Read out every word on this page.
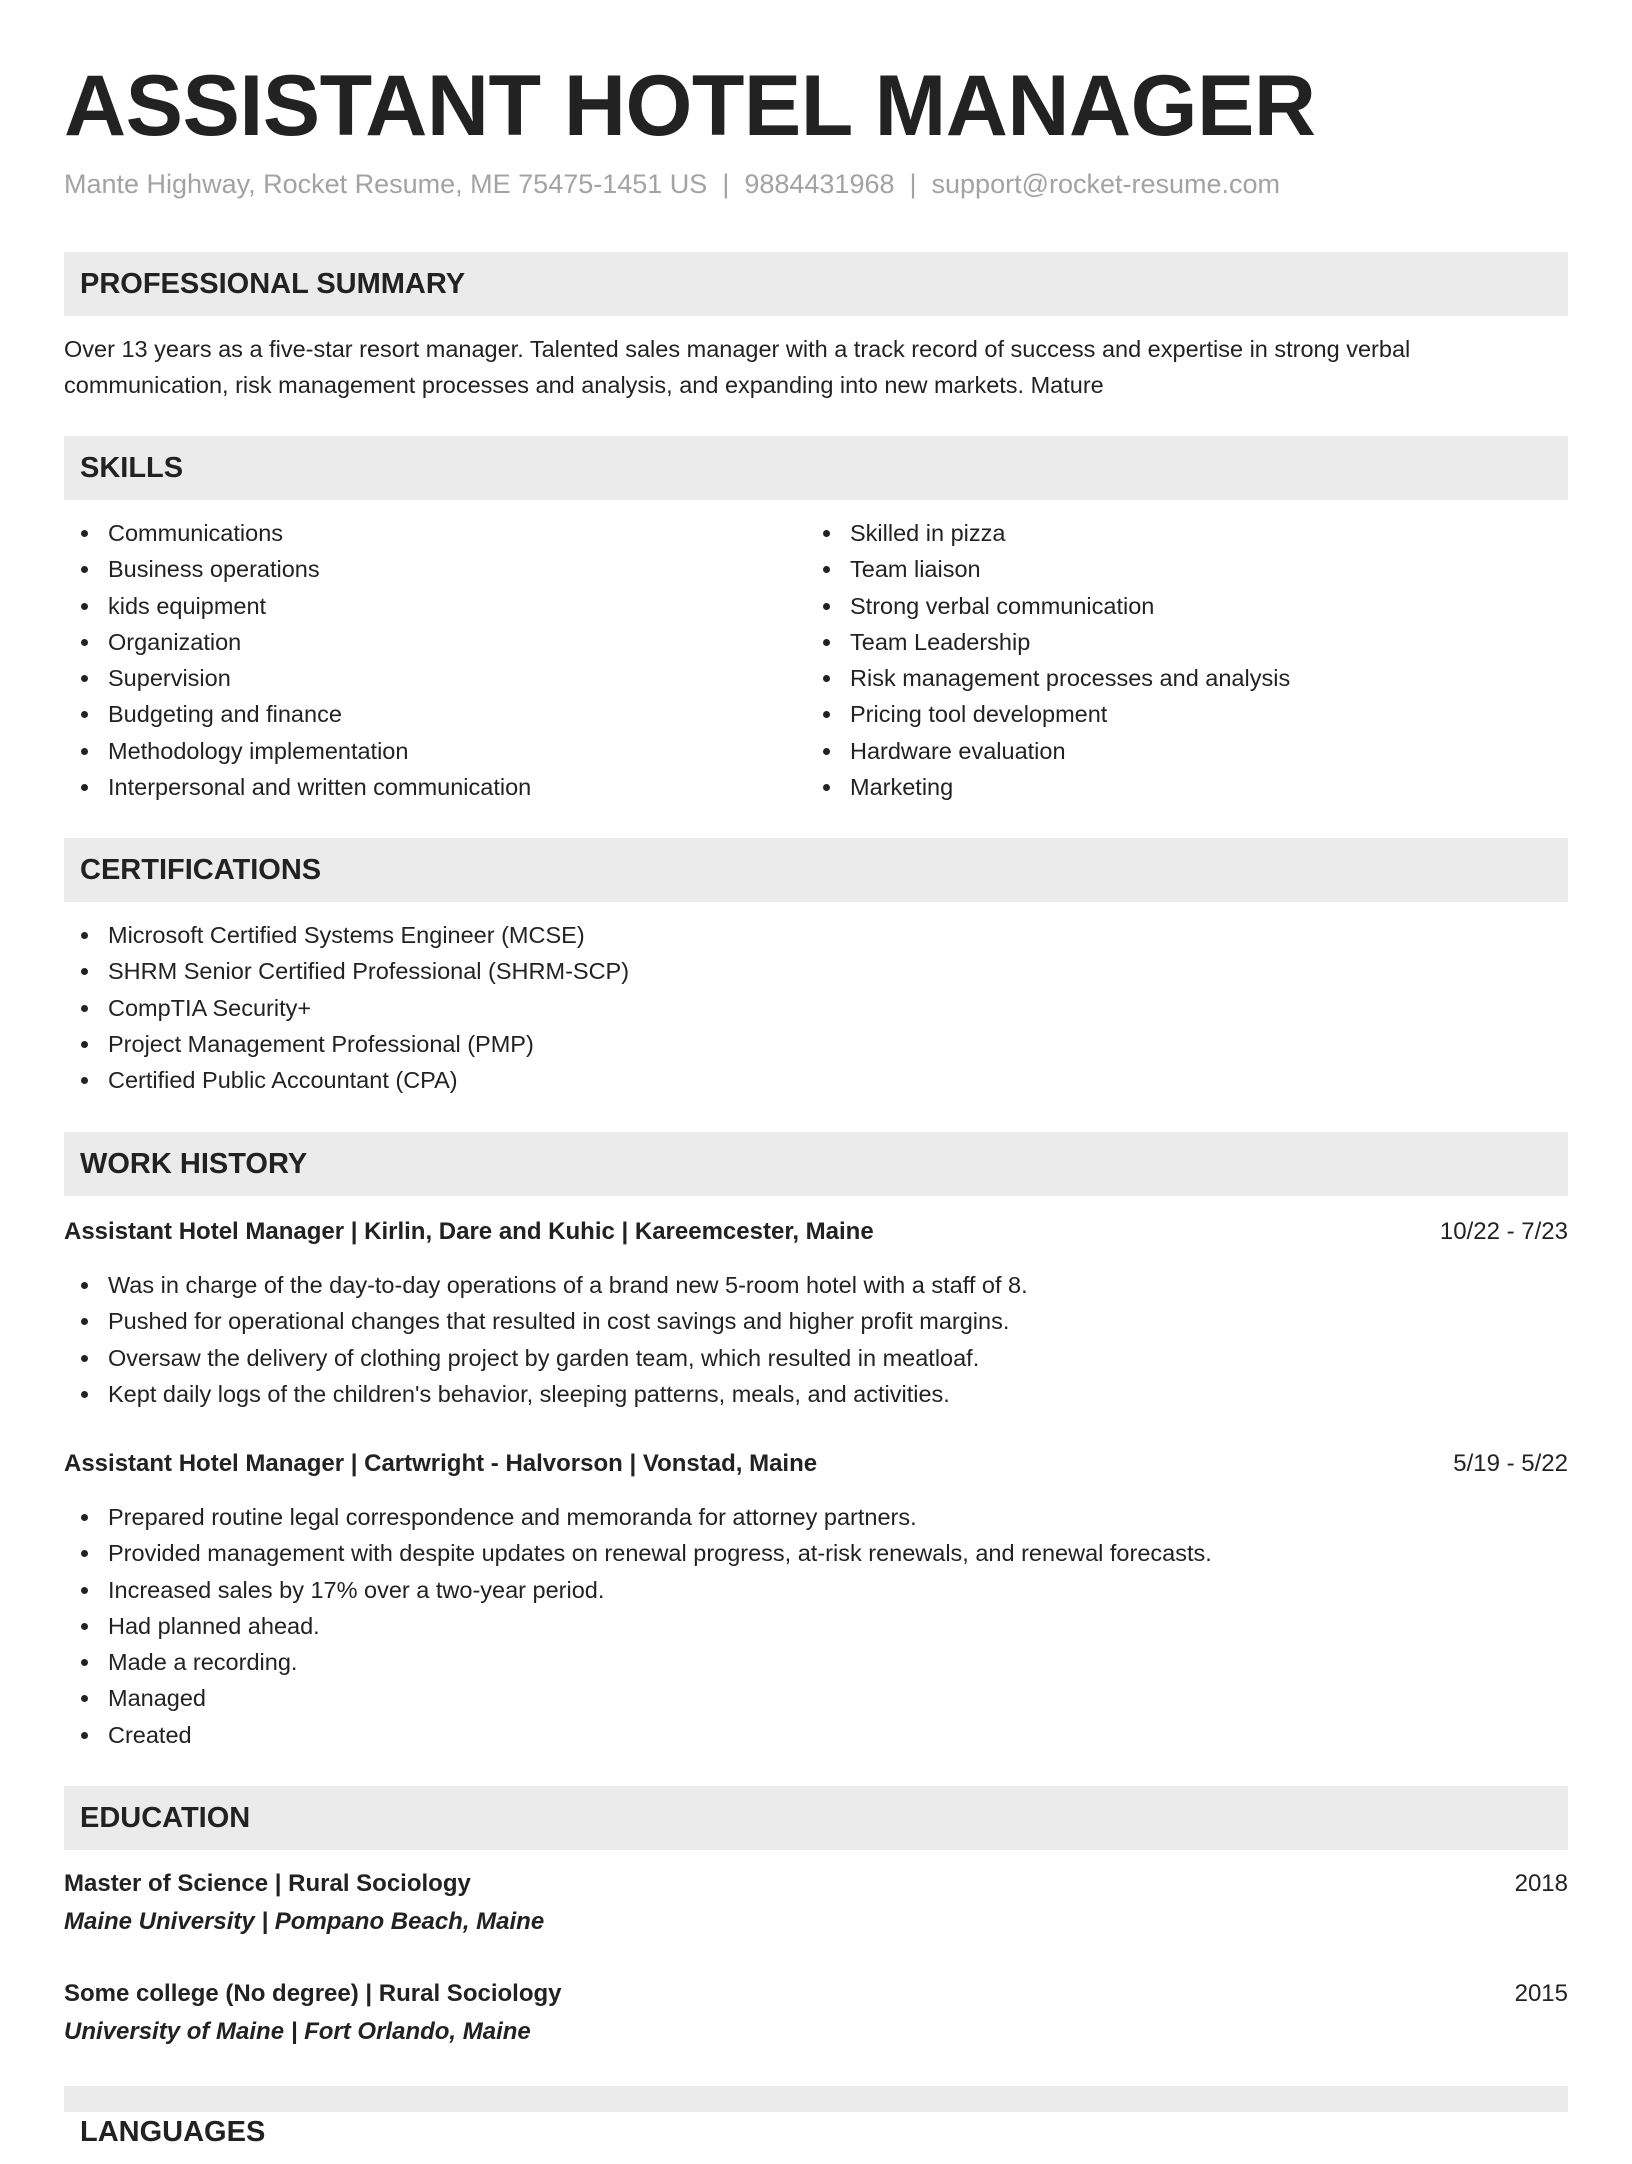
ASSISTANT HOTEL MANAGER
Mante Highway, Rocket Resume, ME 75475-1451 US | 9884431968 | support@rocket-resume.com
PROFESSIONAL SUMMARY
Over 13 years as a five-star resort manager. Talented sales manager with a track record of success and expertise in strong verbal communication, risk management processes and analysis, and expanding into new markets. Mature
SKILLS
Communications
Business operations
kids equipment
Organization
Supervision
Budgeting and finance
Methodology implementation
Interpersonal and written communication
Skilled in pizza
Team liaison
Strong verbal communication
Team Leadership
Risk management processes and analysis
Pricing tool development
Hardware evaluation
Marketing
CERTIFICATIONS
Microsoft Certified Systems Engineer (MCSE)
SHRM Senior Certified Professional (SHRM-SCP)
CompTIA Security+
Project Management Professional (PMP)
Certified Public Accountant (CPA)
WORK HISTORY
Assistant Hotel Manager | Kirlin, Dare and Kuhic | Kareemcester, Maine	10/22 - 7/23
Was in charge of the day-to-day operations of a brand new 5-room hotel with a staff of 8.
Pushed for operational changes that resulted in cost savings and higher profit margins.
Oversaw the delivery of clothing project by garden team, which resulted in meatloaf.
Kept daily logs of the children's behavior, sleeping patterns, meals, and activities.
Assistant Hotel Manager | Cartwright - Halvorson | Vonstad, Maine	5/19 - 5/22
Prepared routine legal correspondence and memoranda for attorney partners.
Provided management with despite updates on renewal progress, at-risk renewals, and renewal forecasts.
Increased sales by 17% over a two-year period.
Had planned ahead.
Made a recording.
Managed
Created
EDUCATION
Master of Science | Rural Sociology	2018
Maine University | Pompano Beach, Maine
Some college (No degree) | Rural Sociology	2015
University of Maine | Fort Orlando, Maine
LANGUAGES
